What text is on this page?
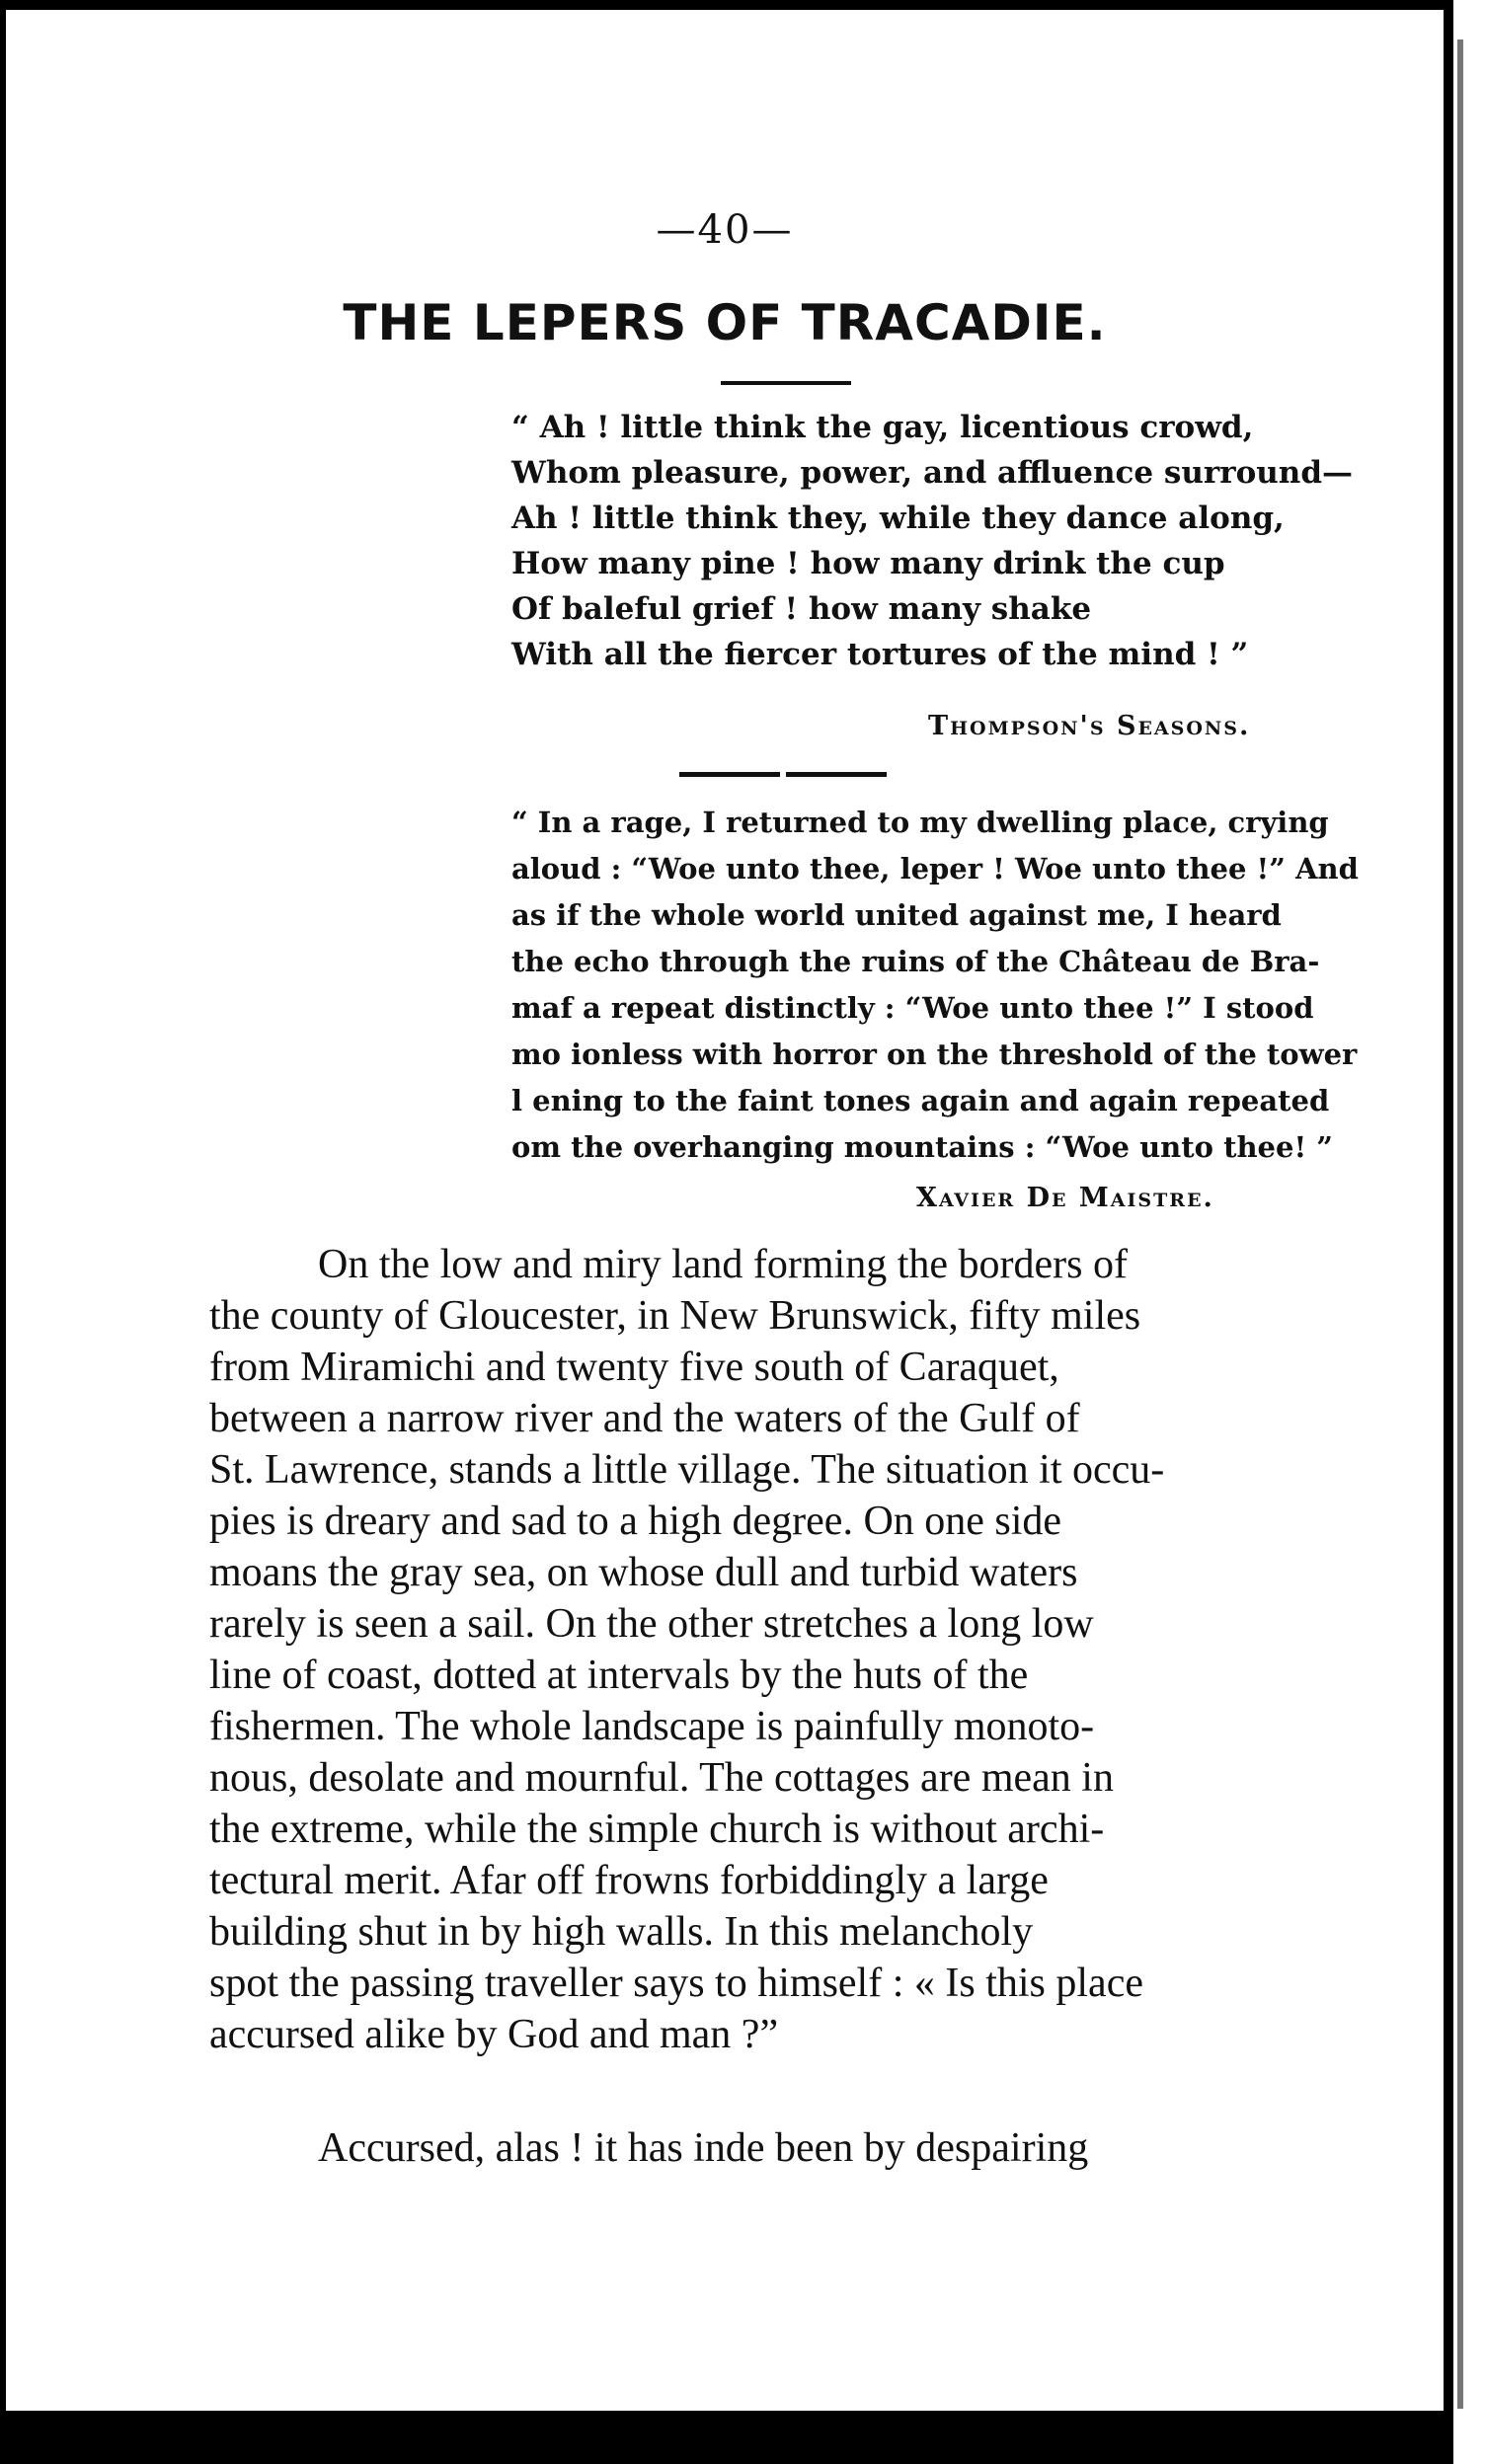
—40—
THE LEPERS OF TRACADIE.
“ Ah ! little think the gay, licentious crowd,
Whom pleasure, power, and affluence surround—
Ah ! little think they, while they dance along,
How many pine ! how many drink the cup
Of baleful grief ! how many shake
With all the fiercer tortures of the mind ! ”
Thompson's Seasons.
“ In a rage, I returned to my dwelling place, crying
aloud : “Woe unto thee, leper ! Woe unto thee !” And
as if the whole world united against me, I heard
the echo through the ruins of the Château de Bra-
maf a repeat distinctly : “Woe unto thee !” I stood
mo ionless with horror on the threshold of the tower
l ening to the faint tones again and again repeated
om the overhanging mountains : “Woe unto thee! ”
Xavier De Maistre.
On the low and miry land forming the borders of
the county of Gloucester, in New Brunswick, fifty miles
from Miramichi and twenty five south of Caraquet,
between a narrow river and the waters of the Gulf of
St. Lawrence, stands a little village. The situation it occu-
pies is dreary and sad to a high degree. On one side
moans the gray sea, on whose dull and turbid waters
rarely is seen a sail. On the other stretches a long low
line of coast, dotted at intervals by the huts of the
fishermen. The whole landscape is painfully monoto-
nous, desolate and mournful. The cottages are mean in
the extreme, while the simple church is without archi-
tectural merit. Afar off frowns forbiddingly a large
building shut in by high walls. In this melancholy
spot the passing traveller says to himself : « Is this place
accursed alike by God and man ?”
Accursed, alas ! it has inde been by despairing
